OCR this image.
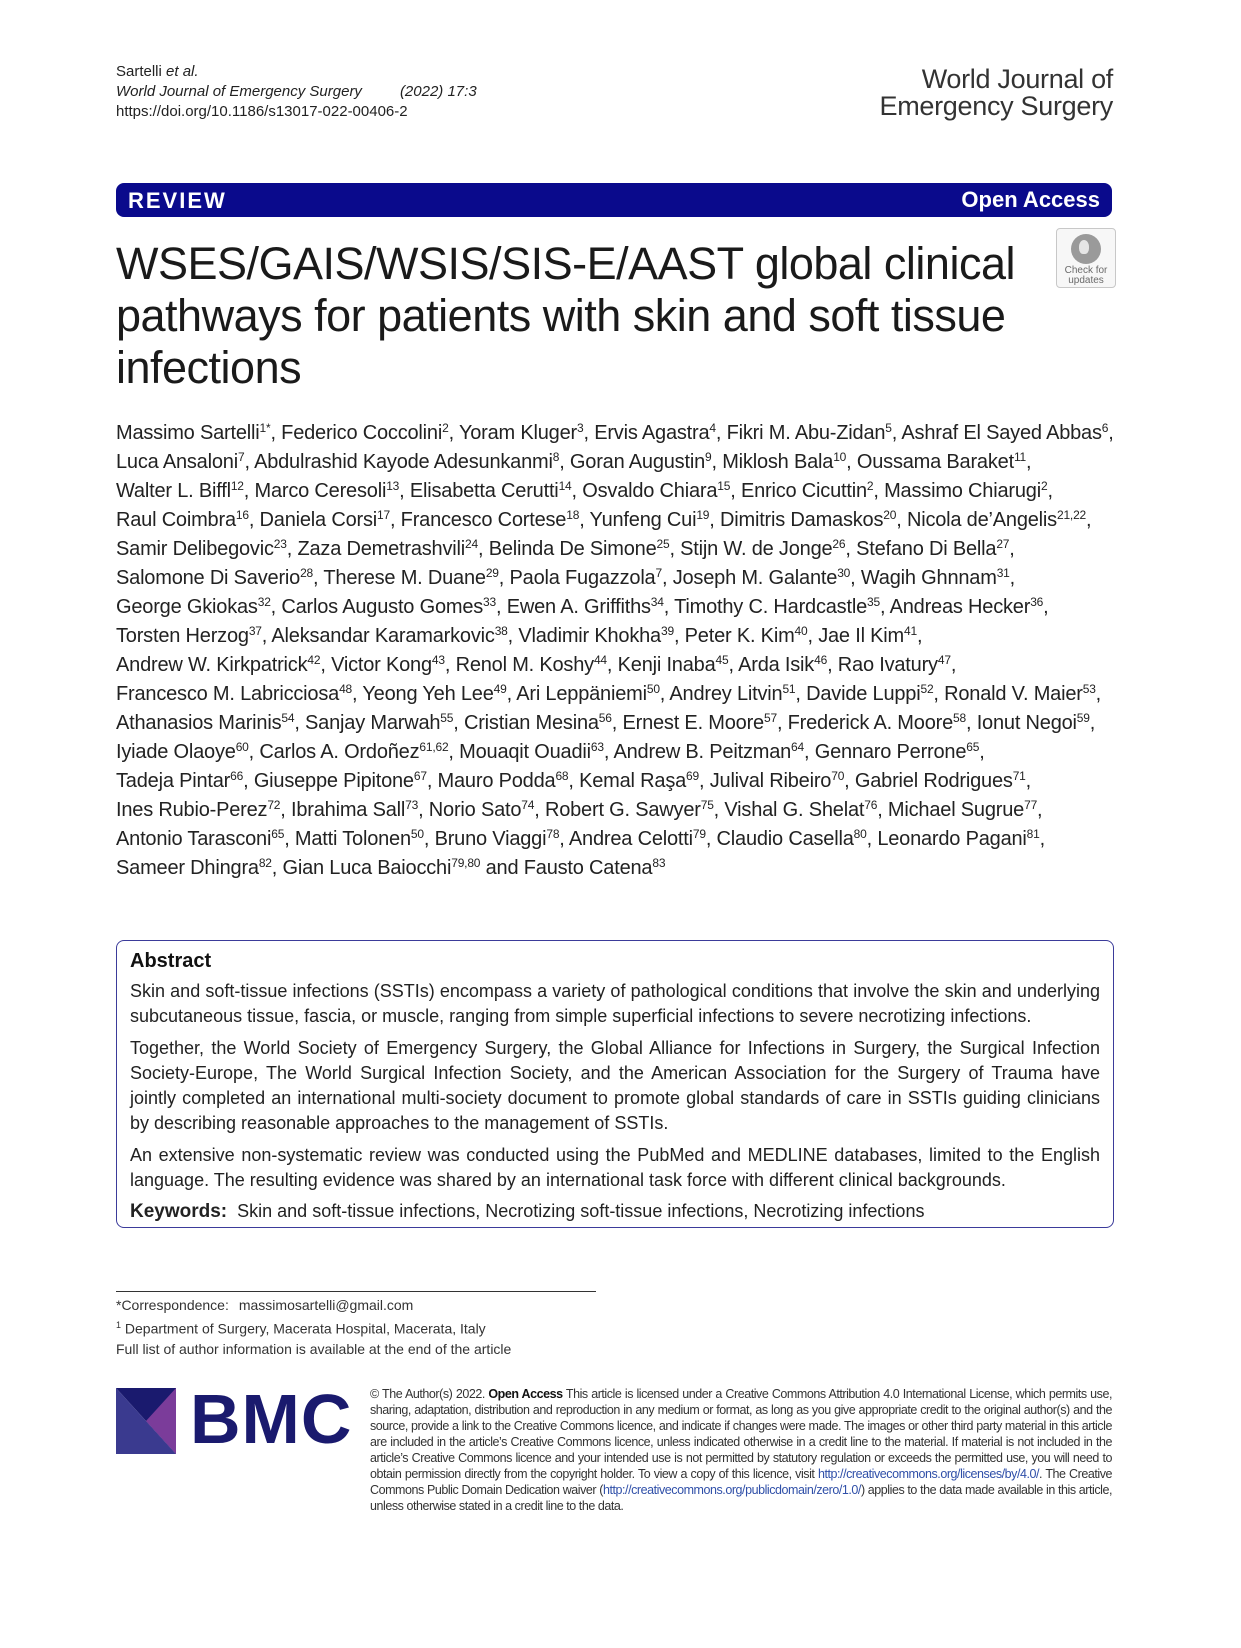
Sartelli et al.
World Journal of Emergency Surgery	(2022) 17:3
https://doi.org/10.1186/s13017-022-00406-2
World Journal of
Emergency Surgery
REVIEW	Open Access
WSES/GAIS/WSIS/SIS-E/AAST global clinical pathways for patients with skin and soft tissue infections
Check for
updates
Massimo Sartelli$^{1*}$, Federico Coccolini$^2$, Yoram Kluger$^3$, Ervis Agastra$^4$, Fikri M. Abu‑Zidan$^5$, Ashraf El Sayed Abbas$^6$, Luca Ansaloni$^7$, Abdulrashid Kayode Adesunkanmi$^8$, Goran Augustin$^9$, Miklosh Bala$^{10}$, Oussama Baraket$^{11}$, Walter L. Biffl$^{12}$, Marco Ceresoli$^{13}$, Elisabetta Cerutti$^{14}$, Osvaldo Chiara$^{15}$, Enrico Cicuttin$^2$, Massimo Chiarugi$^2$, Raul Coimbra$^{16}$, Daniela Corsi$^{17}$, Francesco Cortese$^{18}$, Yunfeng Cui$^{19}$, Dimitris Damaskos$^{20}$, Nicola de’Angelis$^{21,22}$, Samir Delibegovic$^{23}$, Zaza Demetrashvili$^{24}$, Belinda De Simone$^{25}$, Stijn W. de Jonge$^{26}$, Stefano Di Bella$^{27}$, Salomone Di Saverio$^{28}$, Therese M. Duane$^{29}$, Paola Fugazzola$^7$, Joseph M. Galante$^{30}$, Wagih Ghnnam$^{31}$, George Gkiokas$^{32}$, Carlos Augusto Gomes$^{33}$, Ewen A. Griffiths$^{34}$, Timothy C. Hardcastle$^{35}$, Andreas Hecker$^{36}$, Torsten Herzog$^{37}$, Aleksandar Karamarkovic$^{38}$, Vladimir Khokha$^{39}$, Peter K. Kim$^{40}$, Jae Il Kim$^{41}$, Andrew W. Kirkpatrick$^{42}$, Victor Kong$^{43}$, Renol M. Koshy$^{44}$, Kenji Inaba$^{45}$, Arda Isik$^{46}$, Rao Ivatury$^{47}$, Francesco M. Labricciosa$^{48}$, Yeong Yeh Lee$^{49}$, Ari Leppäniemi$^{50}$, Andrey Litvin$^{51}$, Davide Luppi$^{52}$, Ronald V. Maier$^{53}$, Athanasios Marinis$^{54}$, Sanjay Marwah$^{55}$, Cristian Mesina$^{56}$, Ernest E. Moore$^{57}$, Frederick A. Moore$^{58}$, Ionut Negoi$^{59}$, Iyiade Olaoye$^{60}$, Carlos A. Ordoñez$^{61,62}$, Mouaqit Ouadii$^{63}$, Andrew B. Peitzman$^{64}$, Gennaro Perrone$^{65}$, Tadeja Pintar$^{66}$, Giuseppe Pipitone$^{67}$, Mauro Podda$^{68}$, Kemal Raşa$^{69}$, Julival Ribeiro$^{70}$, Gabriel Rodrigues$^{71}$, Ines Rubio‑Perez$^{72}$, Ibrahima Sall$^{73}$, Norio Sato$^{74}$, Robert G. Sawyer$^{75}$, Vishal G. Shelat$^{76}$, Michael Sugrue$^{77}$, Antonio Tarasconi$^{65}$, Matti Tolonen$^{50}$, Bruno Viaggi$^{78}$, Andrea Celotti$^{79}$, Claudio Casella$^{80}$, Leonardo Pagani$^{81}$, Sameer Dhingra$^{82}$, Gian Luca Baiocchi$^{79,80}$ and Fausto Catena$^{83}$
Abstract

Skin and soft-tissue infections (SSTIs) encompass a variety of pathological conditions that involve the skin and underlying subcutaneous tissue, fascia, or muscle, ranging from simple superficial infections to severe necrotizing infections.

Together, the World Society of Emergency Surgery, the Global Alliance for Infections in Surgery, the Surgical Infection Society-Europe, The World Surgical Infection Society, and the American Association for the Surgery of Trauma have jointly completed an international multi-society document to promote global standards of care in SSTIs guiding clinicians by describing reasonable approaches to the management of SSTIs.

An extensive non-systematic review was conducted using the PubMed and MEDLINE databases, limited to the English language. The resulting evidence was shared by an international task force with different clinical backgrounds.

Keywords: Skin and soft-tissue infections, Necrotizing soft-tissue infections, Necrotizing infections
*Correspondence: massimosartelli@gmail.com
$^1$ Department of Surgery, Macerata Hospital, Macerata, Italy
Full list of author information is available at the end of the article
BMC © The Author(s) 2022. Open Access This article is licensed under a Creative Commons Attribution 4.0 International License, which permits use, sharing, adaptation, distribution and reproduction in any medium or format, as long as you give appropriate credit to the original author(s) and the source, provide a link to the Creative Commons licence, and indicate if changes were made. The images or other third party material in this article are included in the article’s Creative Commons licence, unless indicated otherwise in a credit line to the material. If material is not included in the article’s Creative Commons licence and your intended use is not permitted by statutory regulation or exceeds the permitted use, you will need to obtain permission directly from the copyright holder. To view a copy of this licence, visit http://creativecommons.org/licenses/by/4.0/. The Creative Commons Public Domain Dedication waiver (http://creativecommons.org/publicdomain/zero/1.0/) applies to the data made available in this article, unless otherwise stated in a credit line to the data.
